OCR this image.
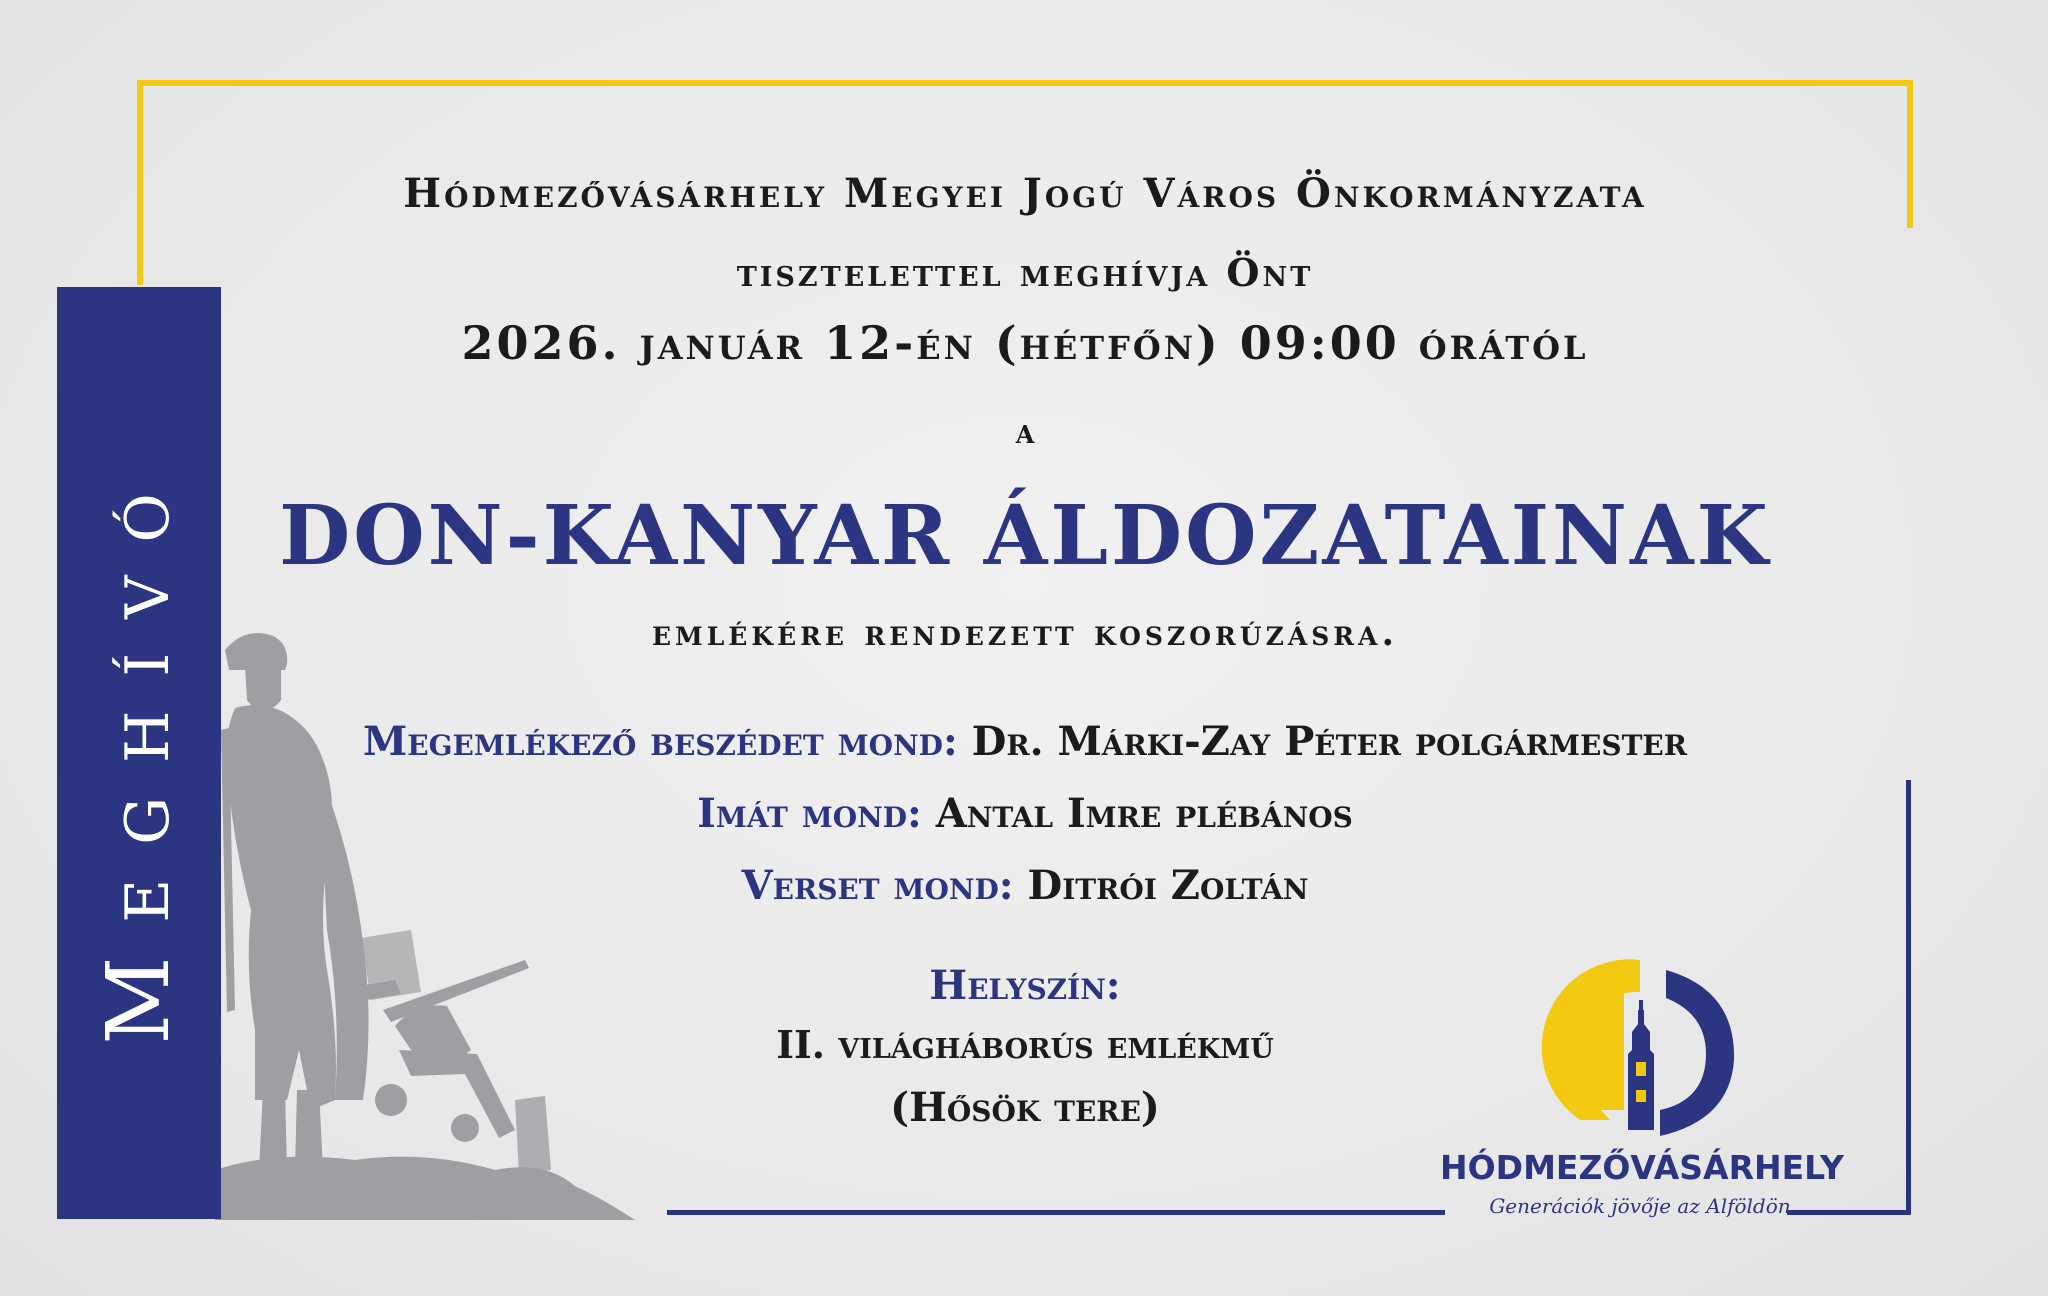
Meghívó
Hódmezővásárhely Megyei Jogú Város Önkormányzata
tisztelettel meghívja Önt
2026. január 12-én (hétfőn) 09:00 órától
a
DON-KANYAR ÁLDOZATAINAK
emlékére rendezett koszorúzásra.
Megemlékező beszédet mond: Dr. Márki-Zay Péter polgármester
Imát mond: Antal Imre plébános
Verset mond: Ditrói Zoltán
Helyszín:
II. világháborús emlékmű
(Hősök tere)
HÓDMEZŐVÁSÁRHELY
Generációk jövője az Alföldön
